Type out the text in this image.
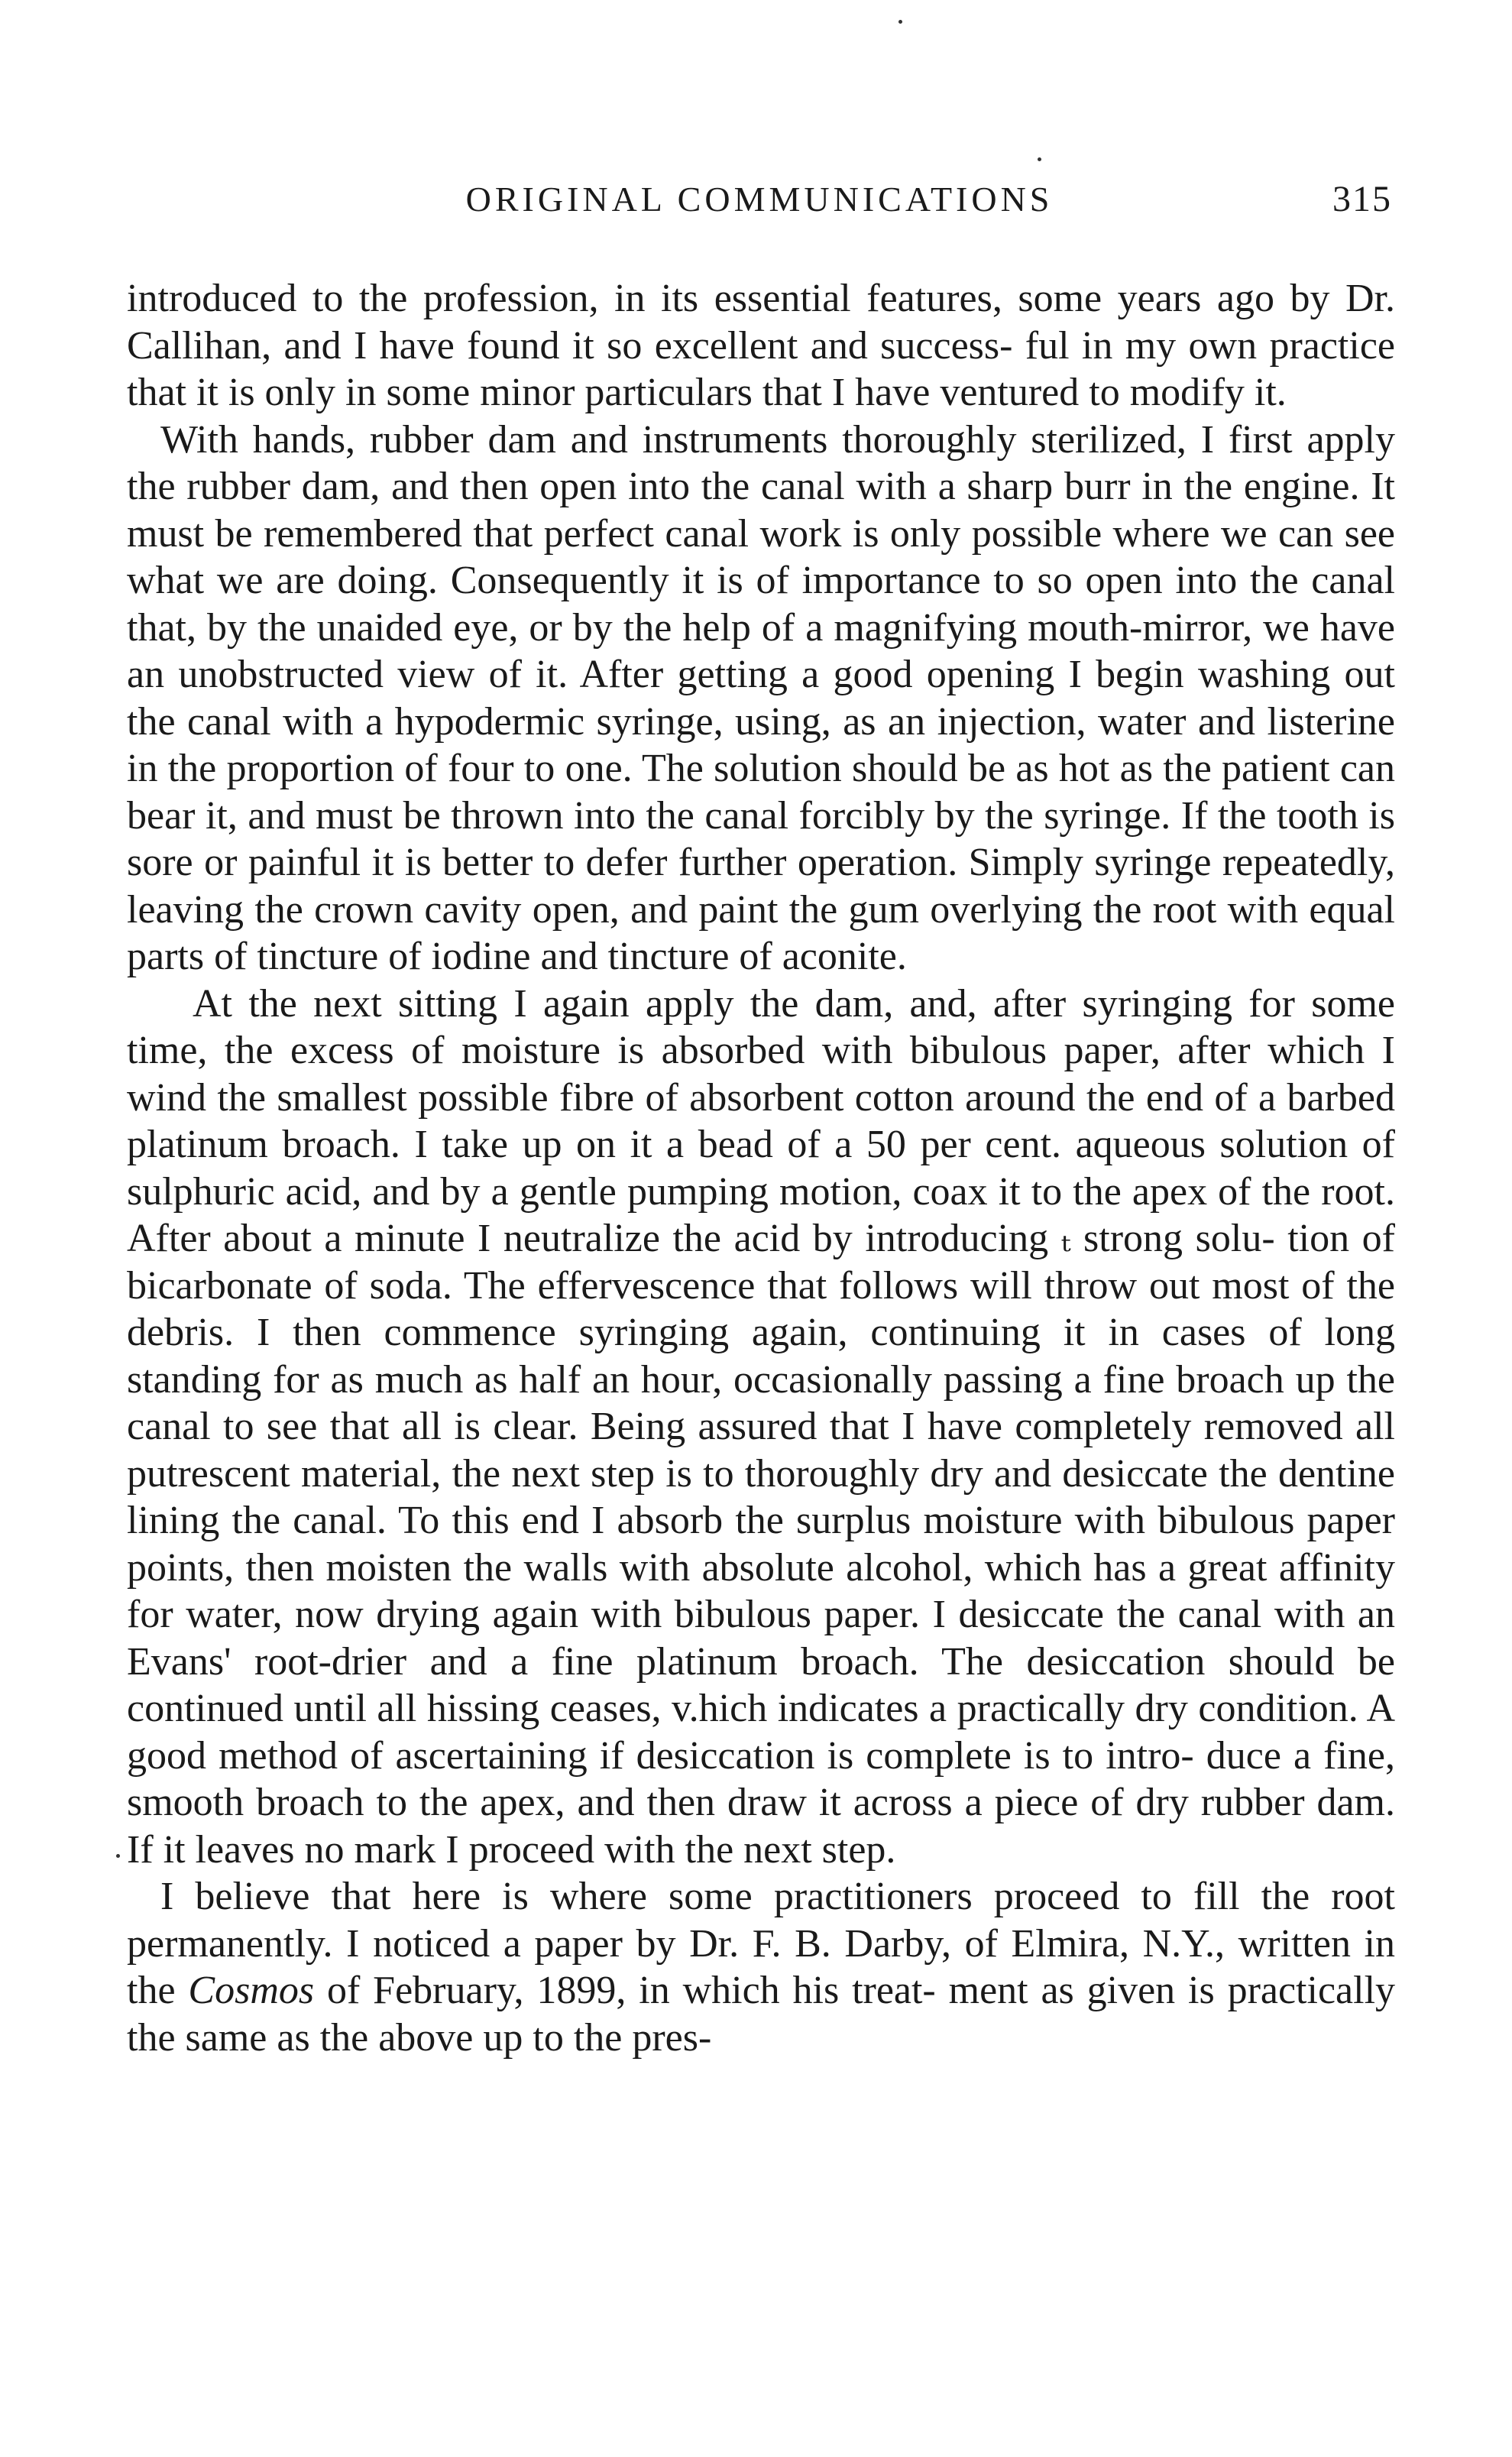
ORIGINAL COMMUNICATIONS	315

introduced to the profession, in its essential features, some years ago by Dr. Callihan, and I have found it so excellent and success- ful in my own practice that it is only in some minor particulars that I have ventured to modify it.

With hands, rubber dam and instruments thoroughly sterilized, I first apply the rubber dam, and then open into the canal with a sharp burr in the engine. It must be remembered that perfect canal work is only possible where we can see what we are doing. Consequently it is of importance to so open into the canal that, by the unaided eye, or by the help of a magnifying mouth-mirror, we have an unobstructed view of it. After getting a good opening I begin washing out the canal with a hypodermic syringe, using, as an injection, water and listerine in the proportion of four to one. The solution should be as hot as the patient can bear it, and must be thrown into the canal forcibly by the syringe. If the tooth is sore or painful it is better to defer further operation. Simply syringe repeatedly, leaving the crown cavity open, and paint the gum overlying the root with equal parts of tincture of iodine and tincture of aconite.

At the next sitting I again apply the dam, and, after syringing for some time, the excess of moisture is absorbed with bibulous paper, after which I wind the smallest possible fibre of absorbent cotton around the end of a barbed platinum broach. I take up on it a bead of a 50 per cent. aqueous solution of sulphuric acid, and by a gentle pumping motion, coax it to the apex of the root. After about a minute I neutralize the acid by introducing ₜ strong solu- tion of bicarbonate of soda. The effervescence that follows will throw out most of the debris. I then commence syringing again, continuing it in cases of long standing for as much as half an hour, occasionally passing a fine broach up the canal to see that all is clear. Being assured that I have completely removed all putrescent material, the next step is to thoroughly dry and desiccate the dentine lining the canal. To this end I absorb the surplus moisture with bibulous paper points, then moisten the walls with absolute alcohol, which has a great affinity for water, now drying again with bibulous paper. I desiccate the canal with an Evans' root-drier and a fine platinum broach. The desiccation should be continued until all hissing ceases, v.hich indicates a practically dry condition. A good method of ascertaining if desiccation is complete is to intro- duce a fine, smooth broach to the apex, and then draw it across a piece of dry rubber dam. If it leaves no mark I proceed with the next step.

I believe that here is where some practitioners proceed to fill the root permanently. I noticed a paper by Dr. F. B. Darby, of Elmira, N.Y., written in the Cosmos of February, 1899, in which his treat- ment as given is practically the same as the above up to the pres-
